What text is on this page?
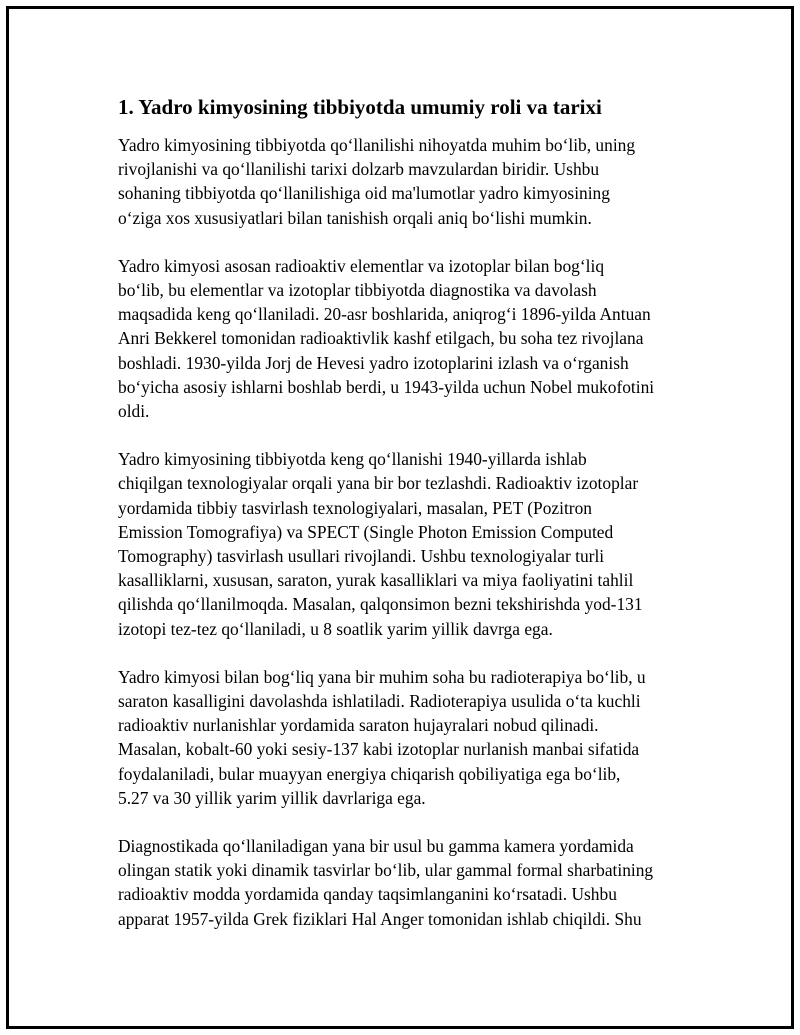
1. Yadro kimyosining tibbiyotda umumiy roli va tarixi
Yadro kimyosining tibbiyotda qoʻllanilishi nihoyatda muhim boʻlib, uning
rivojlanishi va qoʻllanilishi tarixi dolzarb mavzulardan biridir. Ushbu
sohaning tibbiyotda qoʻllanilishiga oid ma'lumotlar yadro kimyosining
oʻziga xos xususiyatlari bilan tanishish orqali aniq boʻlishi mumkin.
Yadro kimyosi asosan radioaktiv elementlar va izotoplar bilan bogʻliq
boʻlib, bu elementlar va izotoplar tibbiyotda diagnostika va davolash
maqsadida keng qoʻllaniladi. 20-asr boshlarida, aniqrogʻi 1896-yilda Antuan
Anri Bekkerel tomonidan radioaktivlik kashf etilgach, bu soha tez rivojlana
boshladi. 1930-yilda Jorj de Hevesi yadro izotoplarini izlash va oʻrganish
boʻyicha asosiy ishlarni boshlab berdi, u 1943-yilda uchun Nobel mukofotini
oldi.
Yadro kimyosining tibbiyotda keng qoʻllanishi 1940-yillarda ishlab
chiqilgan texnologiyalar orqali yana bir bor tezlashdi. Radioaktiv izotoplar
yordamida tibbiy tasvirlash texnologiyalari, masalan, PET (Pozitron
Emission Tomografiya) va SPECT (Single Photon Emission Computed
Tomography) tasvirlash usullari rivojlandi. Ushbu texnologiyalar turli
kasalliklarni, xususan, saraton, yurak kasalliklari va miya faoliyatini tahlil
qilishda qoʻllanilmoqda. Masalan, qalqonsimon bezni tekshirishda yod-131
izotopi tez-tez qoʻllaniladi, u 8 soatlik yarim yillik davrga ega.
Yadro kimyosi bilan bogʻliq yana bir muhim soha bu radioterapiya boʻlib, u
saraton kasalligini davolashda ishlatiladi. Radioterapiya usulida oʻta kuchli
radioaktiv nurlanishlar yordamida saraton hujayralari nobud qilinadi.
Masalan, kobalt-60 yoki sesiy-137 kabi izotoplar nurlanish manbai sifatida
foydalaniladi, bular muayyan energiya chiqarish qobiliyatiga ega boʻlib,
5.27 va 30 yillik yarim yillik davrlariga ega.
Diagnostikada qoʻllaniladigan yana bir usul bu gamma kamera yordamida
olingan statik yoki dinamik tasvirlar boʻlib, ular gammal formal sharbatining
radioaktiv modda yordamida qanday taqsimlanganini koʻrsatadi. Ushbu
apparat 1957-yilda Grek fiziklari Hal Anger tomonidan ishlab chiqildi. Shu
